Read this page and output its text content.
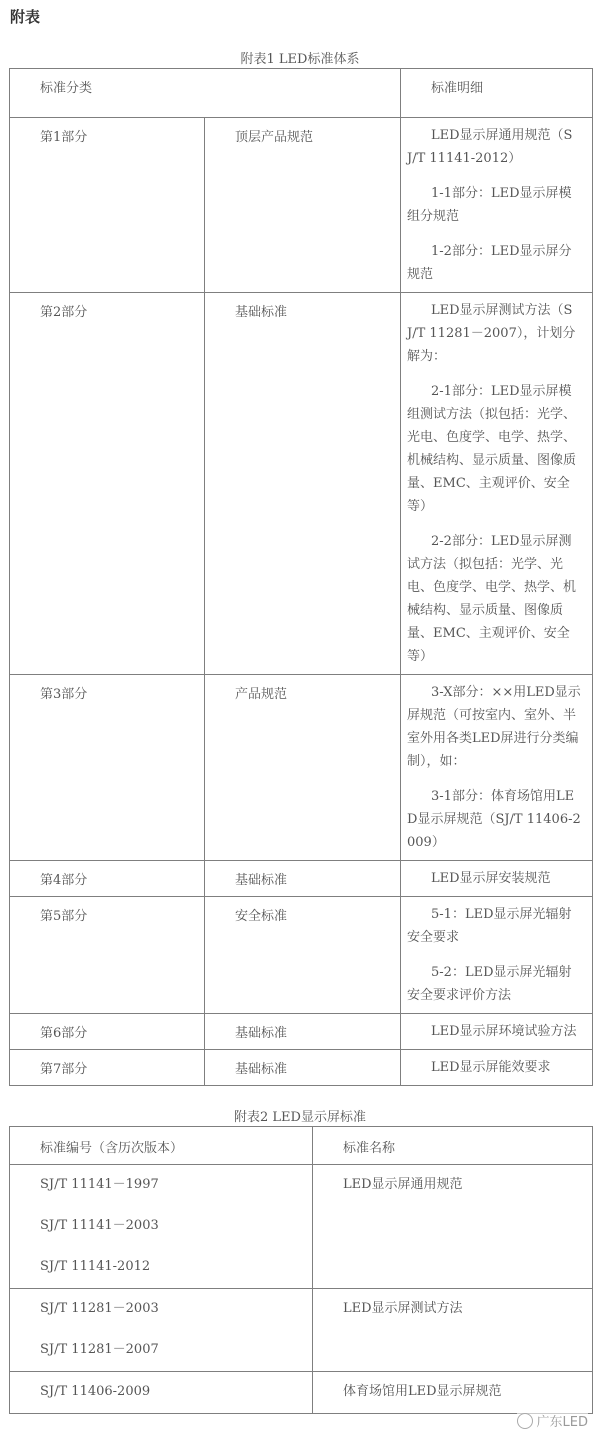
附表
附表1 LED标准体系
标准分类		标准明细
第1部分	顶层产品规范	LED显示屏通用规范（SJ/T 11141-2012）

1-1部分：LED显示屏模组分规范

1-2部分：LED显示屏分规范

第2部分	基础标准	LED显示屏测试方法（SJ/T 11281－2007），计划分解为：

2-1部分：LED显示屏模组测试方法（拟包括：光学、光电、色度学、电学、热学、机械结构、显示质量、图像质量、EMC、主观评价、安全等）

2-2部分：LED显示屏测试方法（拟包括：光学、光电、色度学、电学、热学、机械结构、显示质量、图像质量、EMC、主观评价、安全等）

第3部分	产品规范	3-X部分：××用LED显示屏规范（可按室内、室外、半室外用各类LED屏进行分类编制），如：

3-1部分：体育场馆用LED显示屏规范（SJ/T 11406-2009）

第4部分	基础标准	LED显示屏安装规范

第5部分	安全标准	5-1：LED显示屏光辐射安全要求

5-2：LED显示屏光辐射安全要求评价方法

第6部分	基础标准	LED显示屏环境试验方法

第7部分	基础标准	LED显示屏能效要求

附表2 LED显示屏标准
标准编号（含历次版本）	标准名称

SJ/T 11141－1997

SJ/T 11141－2003

SJ/T 11141-2012	LED显示屏通用规范

SJ/T 11281－2003

SJ/T 11281－2007	LED显示屏测试方法

SJ/T 11406-2009	体育场馆用LED显示屏规范
广东LED
